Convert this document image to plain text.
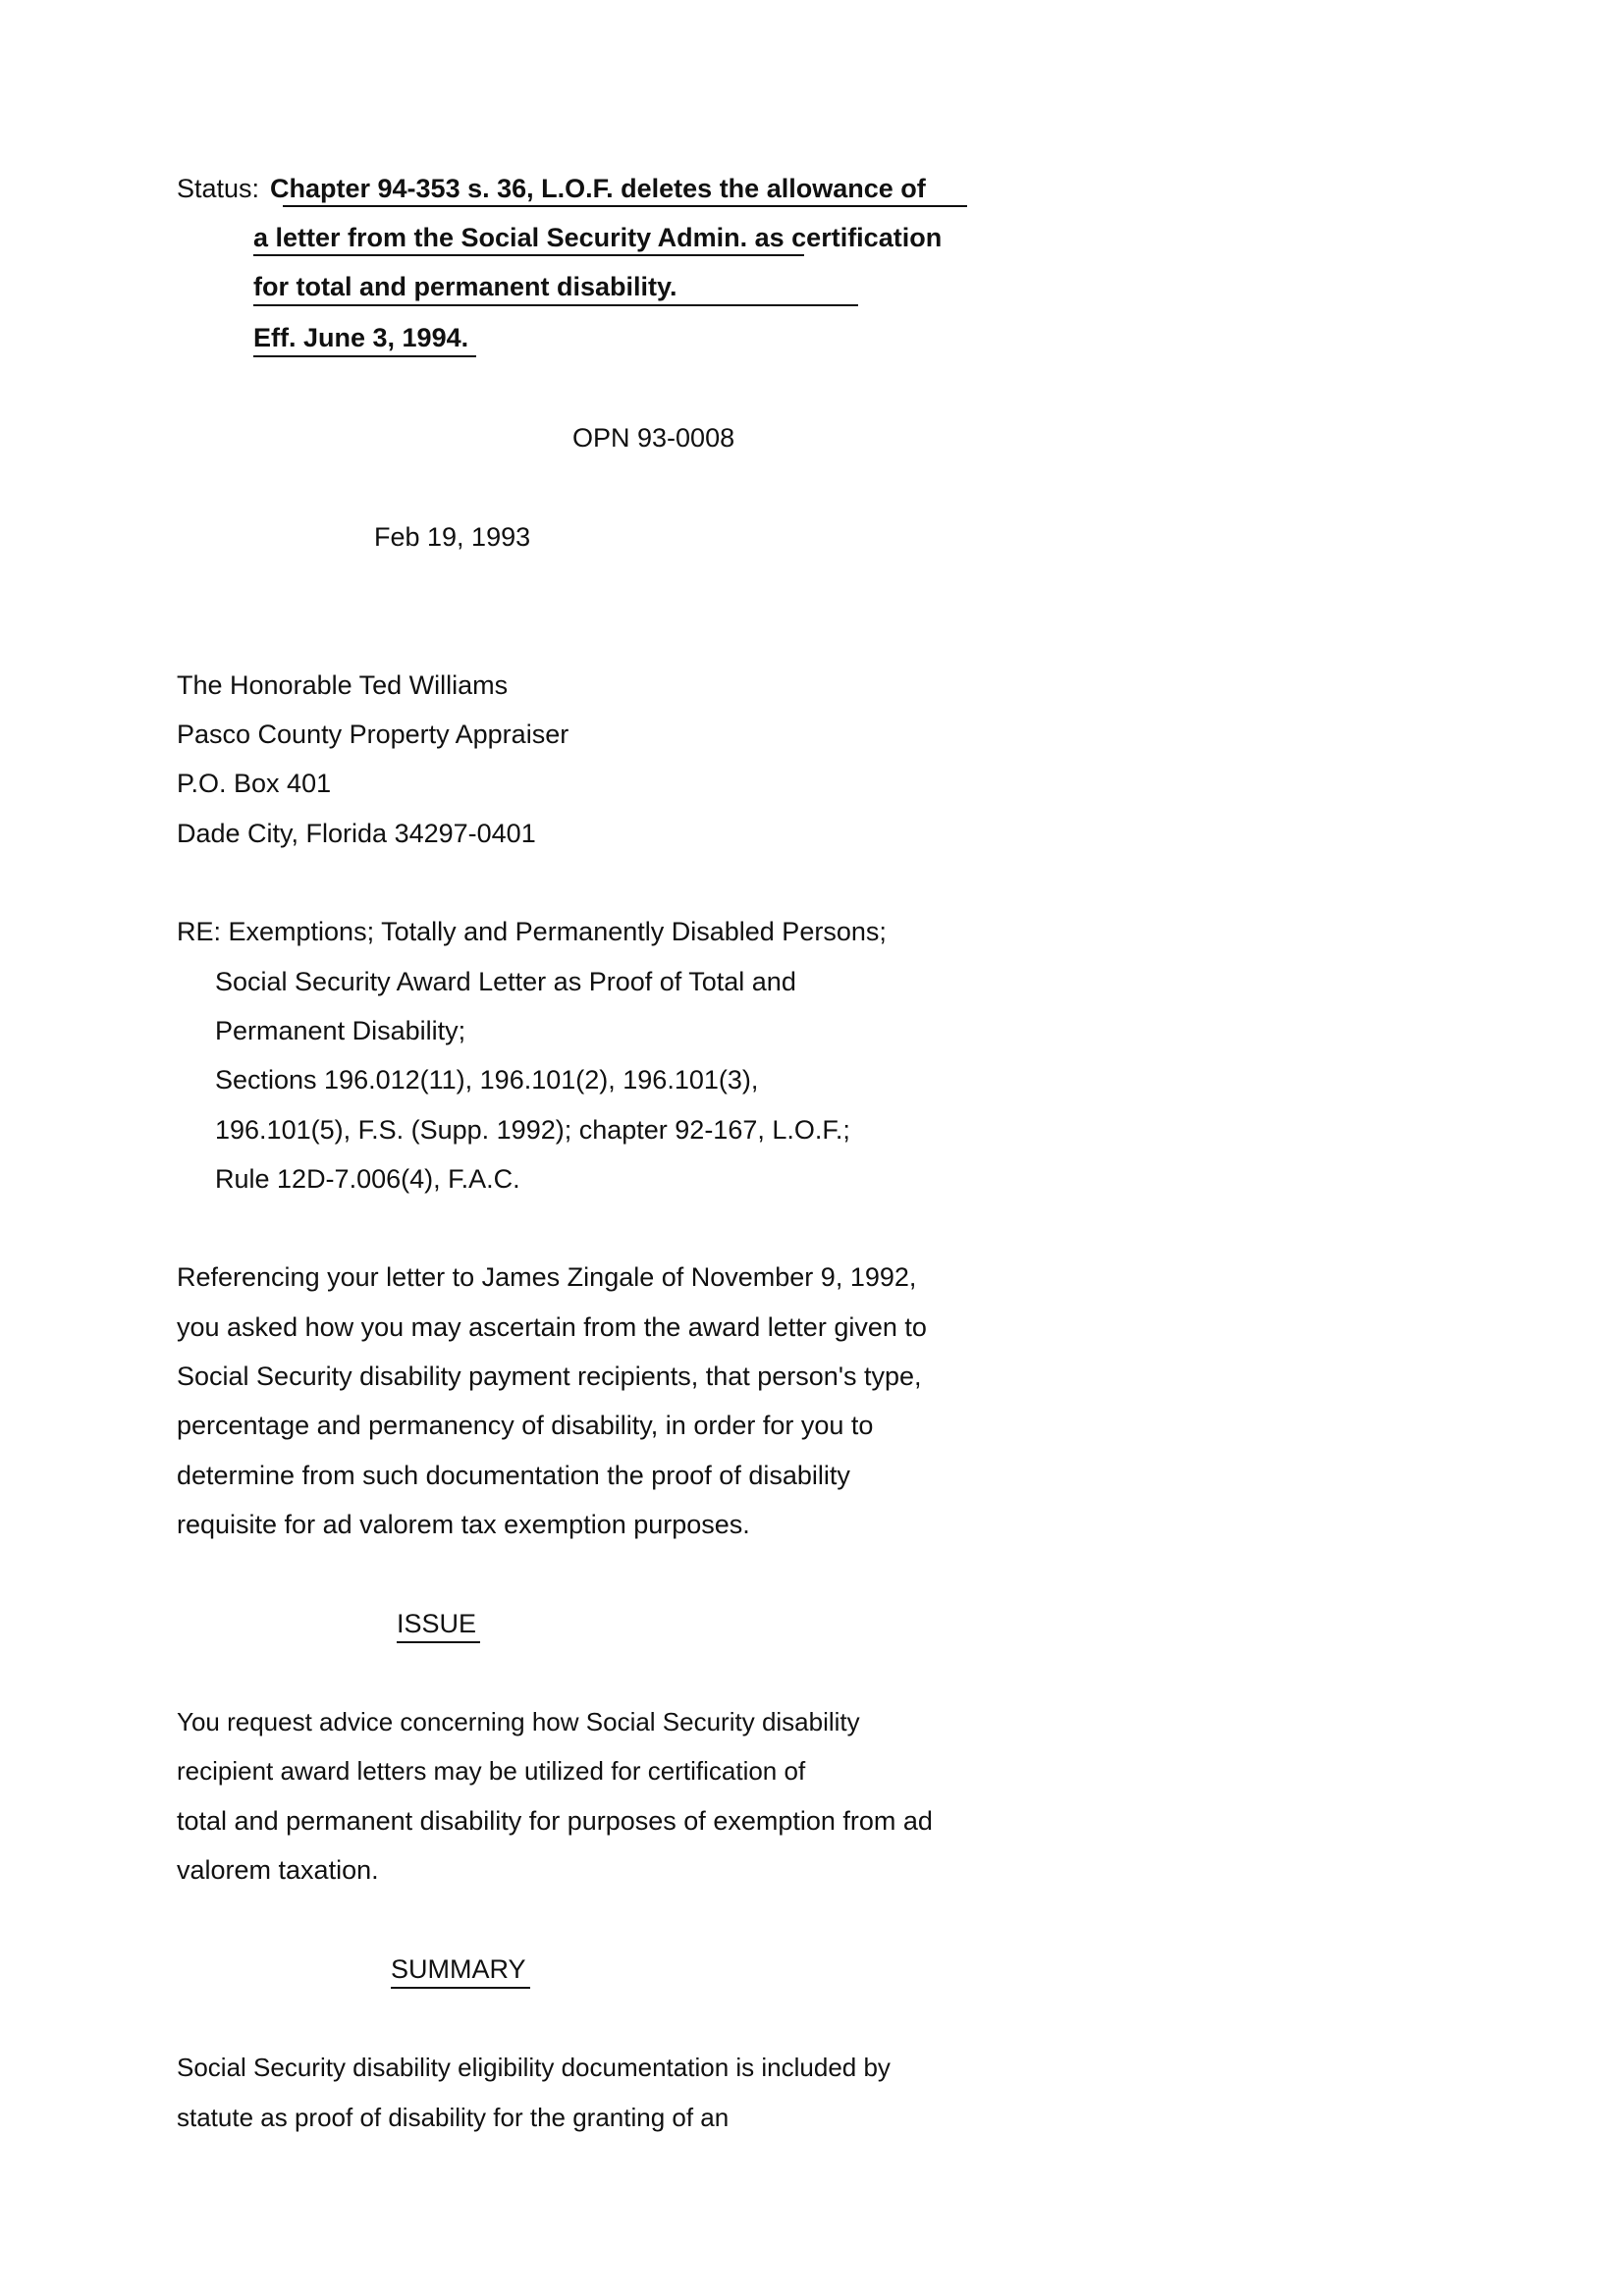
Status: Chapter 94-353 s. 36, L.O.F. deletes the allowance of
a letter from the Social Security Admin. as certification
for total and permanent disability.
Eff. June 3, 1994.
OPN 93-0008
Feb 19, 1993
The Honorable Ted Williams
Pasco County Property Appraiser
P.O. Box 401
Dade City, Florida 34297-0401
RE: Exemptions; Totally and Permanently Disabled Persons;
Social Security Award Letter as Proof of Total and
Permanent Disability;
Sections 196.012(11), 196.101(2), 196.101(3),
196.101(5), F.S. (Supp. 1992); chapter 92-167, L.O.F.;
Rule 12D-7.006(4), F.A.C.
Referencing your letter to James Zingale of November 9, 1992,
you asked how you may ascertain from the award letter given to
Social Security disability payment recipients, that person's type,
percentage and permanency of disability, in order for you to
determine from such documentation the proof of disability
requisite for ad valorem tax exemption purposes.
ISSUE
You request advice concerning how Social Security disability
recipient award letters may be utilized for certification of
total and permanent disability for purposes of exemption from ad
valorem taxation.
SUMMARY
Social Security disability eligibility documentation is included by
statute as proof of disability for the granting of an
